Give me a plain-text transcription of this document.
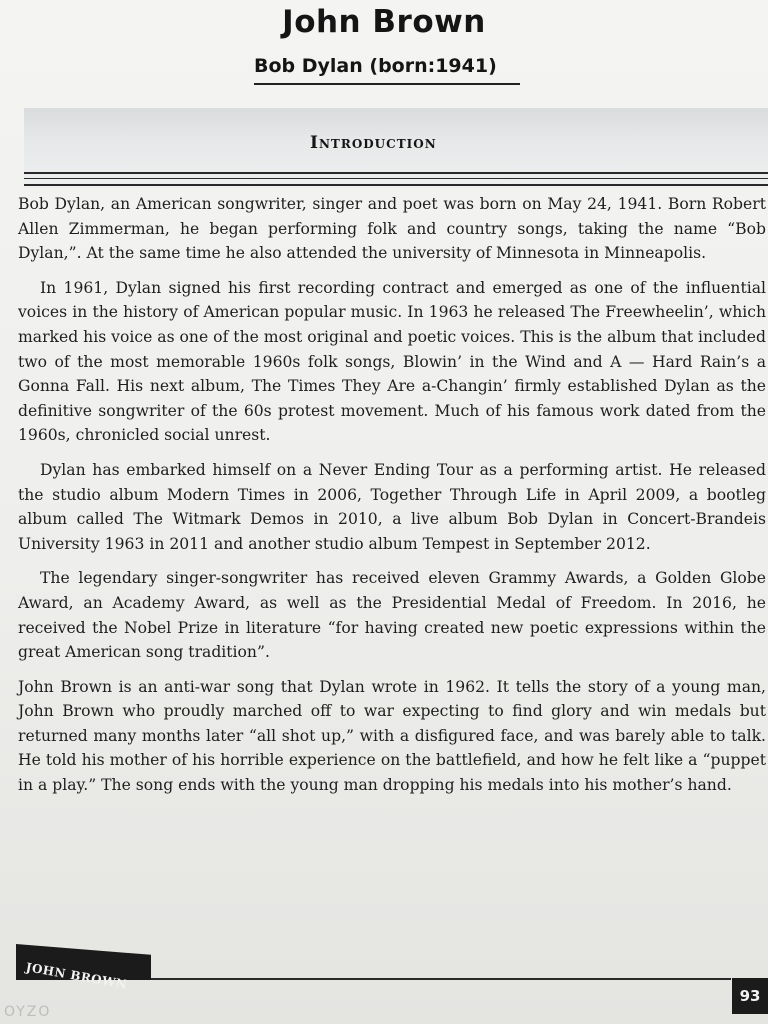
John Brown
Bob Dylan (born:1941)
Introduction

Bob Dylan, an American songwriter, singer and poet was born on May 24, 1941. Born Robert Allen Zimmerman, he began performing folk and country songs, taking the name “Bob Dylan,”. At the same time he also attended the university of Minnesota in Minneapolis.

In 1961, Dylan signed his first recording contract and emerged as one of the influential voices in the history of American popular music. In 1963 he released The Freewheelin’, which marked his voice as one of the most original and poetic voices. This is the album that included two of the most memorable 1960s folk songs, Blowin’ in the Wind and A — Hard Rain’s a Gonna Fall. His next album, The Times They Are a-Changin’ firmly established Dylan as the definitive songwriter of the 60s protest movement. Much of his famous work dated from the 1960s, chronicled social unrest.

Dylan has embarked himself on a Never Ending Tour as a performing artist. He released the studio album Modern Times in 2006, Together Through Life in April 2009, a bootleg album called The Witmark Demos in 2010, a live album Bob Dylan in Concert-Brandeis University 1963 in 2011 and another studio album Tempest in September 2012.

The legendary singer-songwriter has received eleven Grammy Awards, a Golden Globe Award, an Academy Award, as well as the Presidential Medal of Freedom. In 2016, he received the Nobel Prize in literature “for having created new poetic expressions within the great American song tradition”.

John Brown is an anti-war song that Dylan wrote in 1962. It tells the story of a young man, John Brown who proudly marched off to war expecting to find glory and win medals but returned many months later “all shot up,” with a disfigured face, and was barely able to talk. He told his mother of his horrible experience on the battlefield, and how he felt like a “puppet in a play.” The song ends with the young man dropping his medals into his mother’s hand.

JOHN BROWN
93
OYZO
